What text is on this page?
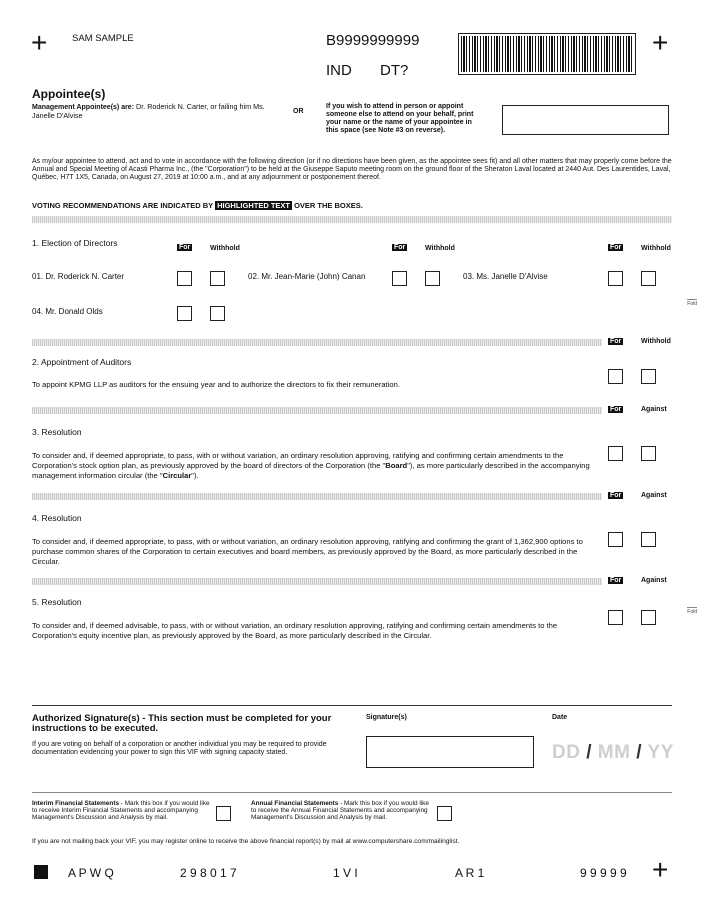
+	+
+
SAM SAMPLE	B9999999999
IND DT?
Appointee(s)
Management Appointee(s) are: Dr. Roderick N. Carter, or failing him Ms. Janelle D'Alvise	OR
If you wish to attend in person or appoint someone else to attend on your behalf, print your name or the name of your appointee in this space (see Note #3 on reverse).
As my/our appointee to attend, act and to vote in accordance with the following direction (or if no directions have been given, as the appointee sees fit) and all other matters that may properly come before the Annual and Special Meeting of Acasti Pharma Inc., (the "Corporation") to be held at the Giuseppe Saputo meeting room on the ground floor of the Sheraton Laval located at 2440 Aut. Des Laurentides, Laval, Québec, H7T 1X5, Canada, on August 27, 2019 at 10:00 a.m., and at any adjournment or postponement thereof.
VOTING RECOMMENDATIONS ARE INDICATED BY HIGHLIGHTED TEXT OVER THE BOXES.
1. Election of Directors	For	Withhold	For	Withhold	For	Withhold
01. Dr. Roderick N. Carter	02. Mr. Jean-Marie (John) Canan	03. Ms. Janelle D'Alvise
Fold
04. Mr. Donald Olds
For	Withhold
2. Appointment of Auditors
To appoint KPMG LLP as auditors for the ensuing year and to authorize the directors to fix their remuneration.
For	Against
3. Resolution
To consider and, if deemed appropriate, to pass, with or without variation, an ordinary resolution approving, ratifying and confirming certain amendments to the Corporation's stock option plan, as previously approved by the board of directors of the Corporation (the "Board"), as more particularly described in the accompanying management information circular (the "Circular").
For	Against
4. Resolution
To consider and, if deemed appropriate, to pass, with or without variation, an ordinary resolution approving, ratifying and confirming the grant of 1,362,900 options to purchase common shares of the Corporation to certain executives and board members, as previously approved by the Board, as more particularly described in the Circular.
For	Against
5. Resolution
To consider and, if deemed advisable, to pass, with or without variation, an ordinary resolution approving, ratifying and confirming certain amendments to the Corporation's equity incentive plan, as previously approved by the Board, as more particularly described in the Circular.
Fold
Authorized Signature(s) - This section must be completed for your instructions to be executed.
If you are voting on behalf of a corporation or another individual you may be required to provide documentation evidencing your power to sign this VIF with signing capacity stated.
Signature(s)	Date
DD / MM / YY
Interim Financial Statements - Mark this box if you would like to receive Interim Financial Statements and accompanying Management's Discussion and Analysis by mail.
Annual Financial Statements - Mark this box if you would like to receive the Annual Financial Statements and accompanying Management's Discussion and Analysis by mail.
If you are not mailing back your VIF, you may register online to receive the above financial report(s) by mail at www.computershare.com/mailinglist.
A P W Q	2 9 8 0 1 7	1 V I	A R 1	9 9 9 9 9
